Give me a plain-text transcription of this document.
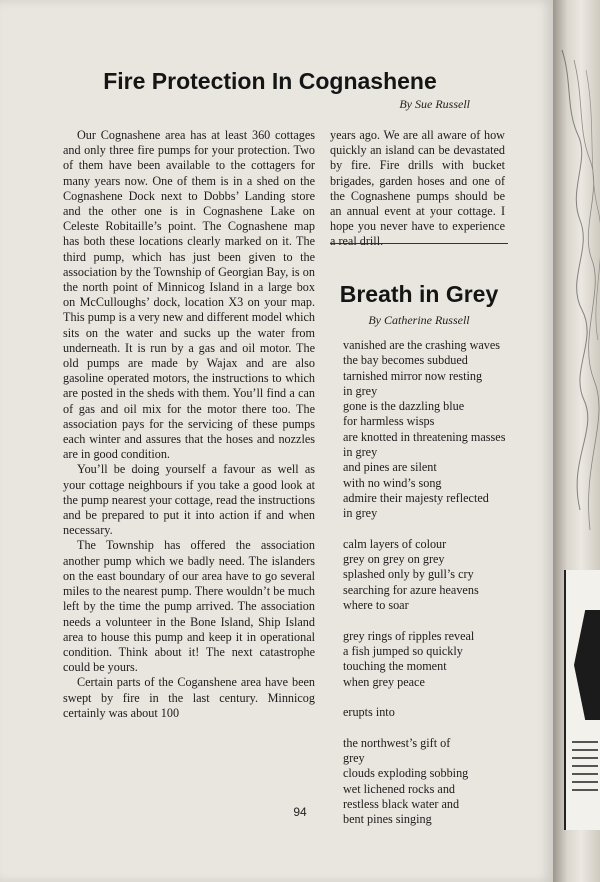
Fire Protection In Cognashene

By Sue Russell

Our Cognashene area has at least 360 cottages and only three fire pumps for your protection. Two of them have been available to the cottagers for many years now. One of them is in a shed on the Cognashene Dock next to Dobbs’ Landing store and the other one is in Cognashene Lake on Celeste Robitaille’s point. The Cognashene map has both these locations clearly marked on it. The third pump, which has just been given to the association by the Township of Georgian Bay, is on the north point of Minnicog Island in a large box on McCulloughs’ dock, location X3 on your map. This pump is a very new and different model which sits on the water and sucks up the water from underneath. It is run by a gas and oil motor. The old pumps are made by Wajax and are also gasoline operated motors, the instructions to which are posted in the sheds with them. You’ll find a can of gas and oil mix for the motor there too. The association pays for the servicing of these pumps each winter and assures that the hoses and nozzles are in good condition.

You’ll be doing yourself a favour as well as your cottage neighbours if you take a good look at the pump nearest your cottage, read the instructions and be prepared to put it into action if and when necessary.

The Township has offered the association another pump which we badly need. The islanders on the east boundary of our area have to go several miles to the nearest pump. There wouldn’t be much left by the time the pump arrived. The association needs a volunteer in the Bone Island, Ship Island area to house this pump and keep it in operational condition. Think about it! The next catastrophe could be yours.

Certain parts of the Coganshene area have been swept by fire in the last century. Minnicog certainly was about 100

years ago. We are all aware of how quickly an island can be devastated by fire. Fire drills with bucket brigades, garden hoses and one of the Cognashene pumps should be an annual event at your cottage. I hope you never have to experience a real drill.

Breath in Grey

By Catherine Russell

vanished are the crashing waves
the bay becomes subdued
tarnished mirror now resting
in grey
gone is the dazzling blue
for harmless wisps
are knotted in threatening masses
in grey
and pines are silent
with no wind’s song
admire their majesty reflected
in grey
calm layers of colour
grey on grey on grey
splashed only by gull’s cry
searching for azure heavens
where to soar
grey rings of ripples reveal
a fish jumped so quickly
touching the moment
when grey peace
erupts into
the northwest’s gift of
grey
clouds exploding sobbing
wet lichened rocks and
restless black water and
bent pines singing
94
